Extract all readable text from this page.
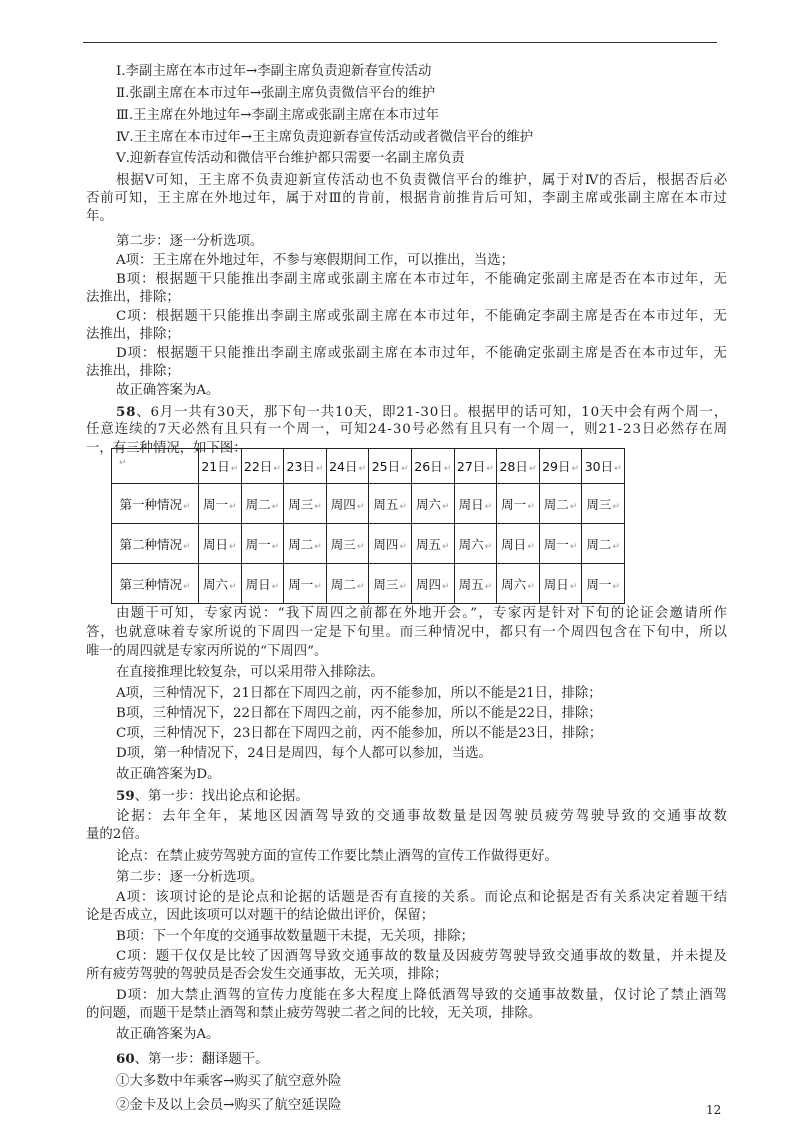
Ⅰ.李副主席在本市过年→李副主席负责迎新春宣传活动
Ⅱ.张副主席在本市过年→张副主席负责微信平台的维护
Ⅲ.王主席在外地过年→李副主席或张副主席在本市过年
Ⅳ.王主席在本市过年→王主席负责迎新春宣传活动或者微信平台的维护
Ⅴ.迎新春宣传活动和微信平台维护都只需要一名副主席负责
根据Ⅴ可知，王主席不负责迎新宣传活动也不负责微信平台的维护，属于对Ⅳ的否后，根据否后必
否前可知，王主席在外地过年，属于对Ⅲ的肯前，根据肯前推肯后可知，李副主席或张副主席在本市过
年。
第二步：逐一分析选项。
A项：王主席在外地过年，不参与寒假期间工作，可以推出，当选；
B项：根据题干只能推出李副主席或张副主席在本市过年，不能确定张副主席是否在本市过年，无
法推出，排除；
C项：根据题干只能推出李副主席或张副主席在本市过年，不能确定李副主席是否在本市过年，无
法推出，排除；
D项：根据题干只能推出李副主席或张副主席在本市过年，不能确定张副主席是否在本市过年，无
法推出，排除；
故正确答案为A。
58、6月一共有30天，那下旬一共10天，即21-30日。根据甲的话可知，10天中会有两个周一，
任意连续的7天必然有且只有一个周一，可知24-30号必然有且只有一个周一，则21-23日必然存在周
一，有三种情况，如下图：
由题干可知，专家丙说：“我下周四之前都在外地开会。”，专家丙是针对下旬的论证会邀请所作
答，也就意味着专家所说的下周四一定是下旬里。而三种情况中，都只有一个周四包含在下旬中，所以
唯一的周四就是专家丙所说的“下周四”。
在直接推理比较复杂，可以采用带入排除法。
A项，三种情况下，21日都在下周四之前，丙不能参加，所以不能是21日，排除；
B项，三种情况下，22日都在下周四之前，丙不能参加，所以不能是22日，排除；
C项，三种情况下，23日都在下周四之前，丙不能参加，所以不能是23日，排除；
D项，第一种情况下，24日是周四，每个人都可以参加，当选。
故正确答案为D。
59、第一步：找出论点和论据。
论据：去年全年，某地区因酒驾导致的交通事故数量是因驾驶员疲劳驾驶导致的交通事故数
量的2倍。
论点：在禁止疲劳驾驶方面的宣传工作要比禁止酒驾的宣传工作做得更好。
第二步：逐一分析选项。
A项：该项讨论的是论点和论据的话题是否有直接的关系。而论点和论据是否有关系决定着题干结
论是否成立，因此该项可以对题干的结论做出评价，保留；
B项：下一个年度的交通事故数量题干未提，无关项，排除；
C项：题干仅仅是比较了因酒驾导致交通事故的数量及因疲劳驾驶导致交通事故的数量，并未提及
所有疲劳驾驶的驾驶员是否会发生交通事故，无关项，排除；
D项：加大禁止酒驾的宣传力度能在多大程度上降低酒驾导致的交通事故数量，仅讨论了禁止酒驾
的问题，而题干是禁止酒驾和禁止疲劳驾驶二者之间的比较，无关项，排除。
故正确答案为A。
60、第一步：翻译题干。
①大多数中年乘客→购买了航空意外险
②金卡及以上会员→购买了航空延误险
↵	21日↵	22日↵	23日↵	24日↵	25日↵	26日↵	27日↵	28日↵	29日↵	30日↵
第一种情况↵	周一↵	周二↵	周三↵	周四↵	周五↵	周六↵	周日↵	周一↵	周二↵	周三↵
第二种情况↵	周日↵	周一↵	周二↵	周三↵	周四↵	周五↵	周六↵	周日↵	周一↵	周二↵
第三种情况↵	周六↵	周日↵	周一↵	周二↵	周三↵	周四↵	周五↵	周六↵	周日↵	周一↵
12
